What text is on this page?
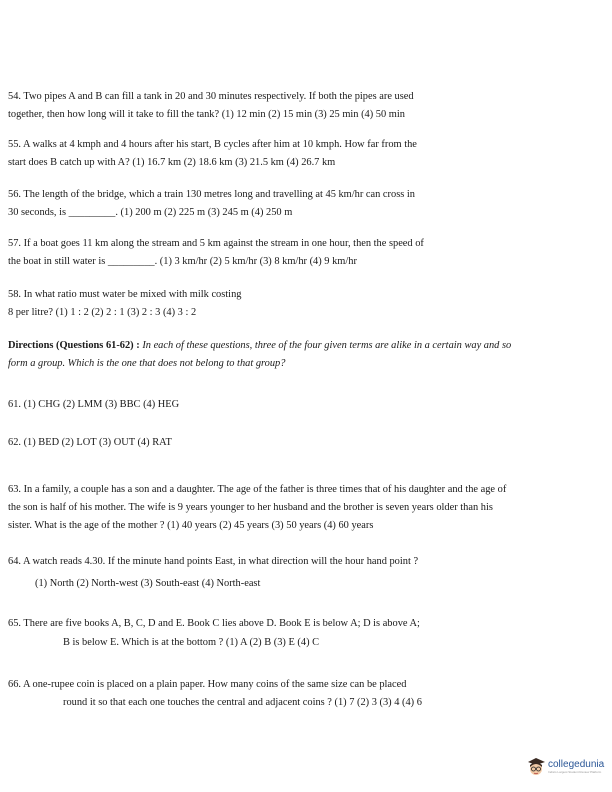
54. Two pipes A and B can fill a tank in 20 and 30 minutes respectively. If both the pipes are used
together, then how long will it take to fill the tank? (1) 12 min (2) 15 min (3) 25 min (4) 50 min
55. A walks at 4 kmph and 4 hours after his start, B cycles after him at 10 kmph. How far from the
start does B catch up with A? (1) 16.7 km (2) 18.6 km (3) 21.5 km (4) 26.7 km
56. The length of the bridge, which a train 130 metres long and travelling at 45 km/hr can cross in
30 seconds, is _________. (1) 200 m (2) 225 m (3) 245 m (4) 250 m
57. If a boat goes 11 km along the stream and 5 km against the stream in one hour, then the speed of
the boat in still water is _________. (1) 3 km/hr (2) 5 km/hr (3) 8 km/hr (4) 9 km/hr
58. In what ratio must water be mixed with milk costing
8 per litre? (1) 1 : 2 (2) 2 : 1 (3) 2 : 3 (4) 3 : 2
Directions (Questions 61-62) : In each of these questions, three of the four given terms are alike in a certain way and so
form a group. Which is the one that does not belong to that group?
61. (1) CHG (2) LMM (3) BBC (4) HEG
62. (1) BED (2) LOT (3) OUT (4) RAT
63. In a family, a couple has a son and a daughter. The age of the father is three times that of his daughter and the age of
the son is half of his mother. The wife is 9 years younger to her husband and the brother is seven years older than his
sister. What is the age of the mother ? (1) 40 years (2) 45 years (3) 50 years (4) 60 years
64. A watch reads 4.30. If the minute hand points East, in what direction will the hour hand point ?
(1) North (2) North-west (3) South-east (4) North-east
65. There are five books A, B, C, D and E. Book C lies above D. Book E is below A; D is above A;
B is below E. Which is at the bottom ? (1) A (2) B (3) E (4) C
66. A one-rupee coin is placed on a plain paper. How many coins of the same size can be placed
round it so that each one touches the central and adjacent coins ? (1) 7 (2) 3 (3) 4 (4) 6
collegedunia
India's Largest Student Review Platform
